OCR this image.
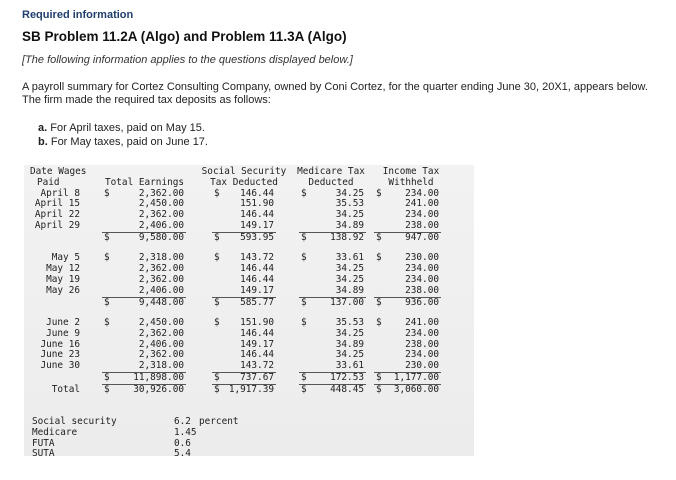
Required information
SB Problem 11.2A (Algo) and Problem 11.3A (Algo)
[The following information applies to the questions displayed below.]
A payroll summary for Cortez Consulting Company, owned by Coni Cortez, for the quarter ending June 30, 20X1, appears below. The firm made the required tax deposits as follows:
a. For April taxes, paid on May 15.
b. For May taxes, paid on June 17.
Date Wages
Paid	Total Earnings
Social Security
Tax Deducted
Medicare Tax
Deducted
Income Tax
Withheld
April 8	$	2,362.00	$ 146.44	$	34.25 $ 234.00
April 15	2,450.00	151.90	35.53	241.00
April 22	2,362.00	146.44	34.25	234.00
April 29	2,406.00	149.17	34.89	238.00
$	9,580.00	$ 593.95	$ 138.92 $ 947.00
May 5	$	2,318.00	$ 143.72	$	33.61 $ 230.00
May 12	2,362.00	146.44	34.25	234.00
May 19	2,362.00	146.44	34.25	234.00
May 26	2,406.00	149.17	34.89	238.00
$	9,448.00	$ 585.77	$ 137.00 $ 936.00
June 2	$	2,450.00	$ 151.90	$	35.53 $ 241.00
June 9	2,362.00	146.44	34.25	234.00
June 16	2,406.00	149.17	34.89	238.00
June 23	2,362.00	146.44	34.25	234.00
June 30	2,318.00	143.72	33.61	230.00
$	11,898.00	$ 737.67	$ 172.53 $ 1,177.00
Total	$	30,926.00	$ 1,917.39	$ 448.45 $ 3,060.00
Social security	6.2 percent
Medicare	1.45
FUTA	0.6
SUTA	5.4
